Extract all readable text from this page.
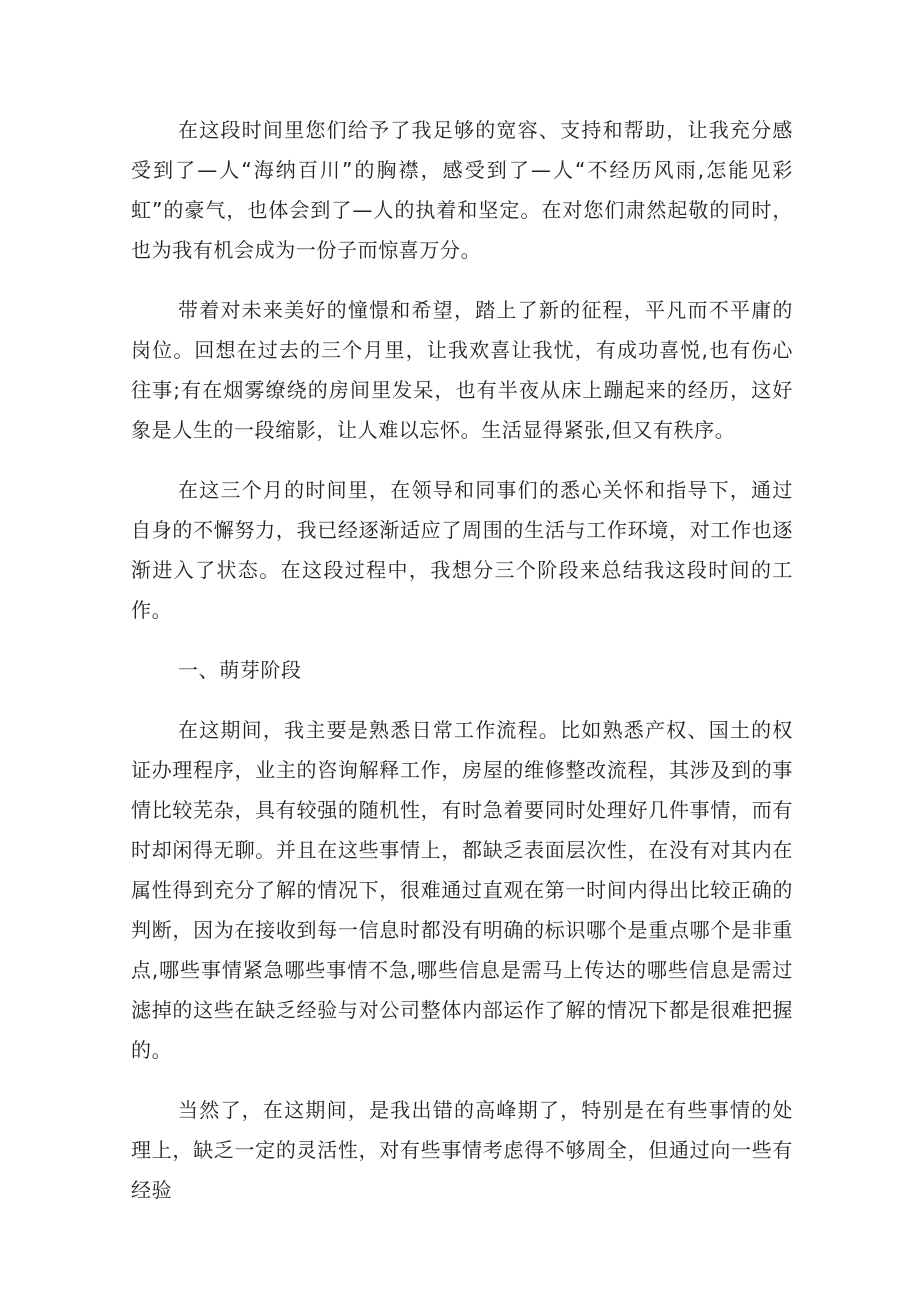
在这段时间里您们给予了我足够的宽容、支持和帮助，让我充分感受到了—人“海纳百川”的胸襟，感受到了—人“不经历风雨,怎能见彩虹”的豪气，也体会到了—人的执着和坚定。在对您们肃然起敬的同时，也为我有机会成为一份子而惊喜万分。

带着对未来美好的憧憬和希望，踏上了新的征程，平凡而不平庸的岗位。回想在过去的三个月里，让我欢喜让我忧，有成功喜悦,也有伤心往事;有在烟雾缭绕的房间里发呆，也有半夜从床上蹦起来的经历，这好象是人生的一段缩影，让人难以忘怀。生活显得紧张,但又有秩序。

在这三个月的时间里，在领导和同事们的悉心关怀和指导下，通过自身的不懈努力，我已经逐渐适应了周围的生活与工作环境，对工作也逐渐进入了状态。在这段过程中，我想分三个阶段来总结我这段时间的工作。

一、萌芽阶段

在这期间，我主要是熟悉日常工作流程。比如熟悉产权、国土的权证办理程序，业主的咨询解释工作，房屋的维修整改流程，其涉及到的事情比较芜杂，具有较强的随机性，有时急着要同时处理好几件事情，而有时却闲得无聊。并且在这些事情上，都缺乏表面层次性，在没有对其内在属性得到充分了解的情况下，很难通过直观在第一时间内得出比较正确的判断，因为在接收到每一信息时都没有明确的标识哪个是重点哪个是非重点,哪些事情紧急哪些事情不急,哪些信息是需马上传达的哪些信息是需过滤掉的这些在缺乏经验与对公司整体内部运作了解的情况下都是很难把握的。

当然了，在这期间，是我出错的高峰期了，特别是在有些事情的处理上，缺乏一定的灵活性，对有些事情考虑得不够周全，但通过向一些有经验
